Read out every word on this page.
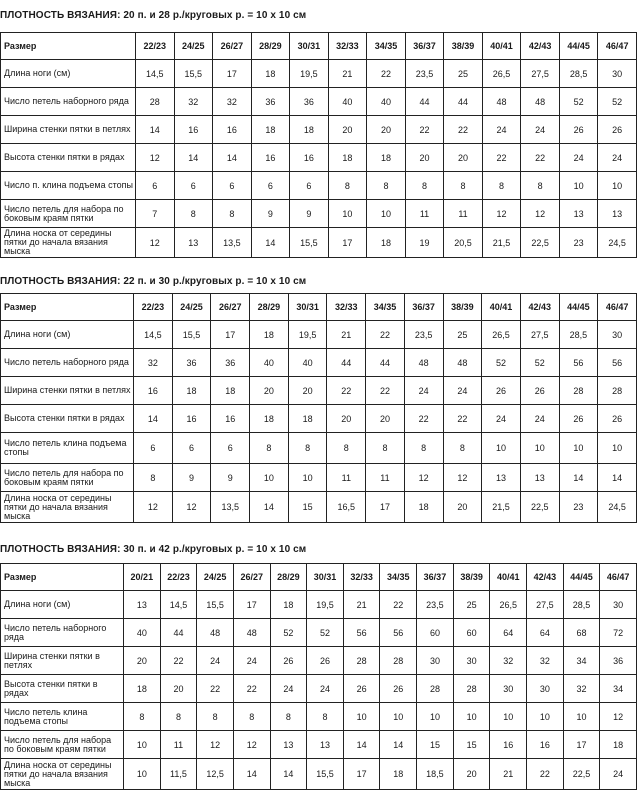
ПЛОТНОСТЬ ВЯЗАНИЯ: 20 п. и 28 р./круговых р. = 10 х 10 см
Размер	22/23	24/25	26/27	28/29	30/31	32/33	34/35	36/37	38/39	40/41	42/43	44/45	46/47
Длина ноги (см)	14,5	15,5	17	18	19,5	21	22	23,5	25	26,5	27,5	28,5	30
Число петель наборного ряда	28	32	32	36	36	40	40	44	44	48	48	52	52
Ширина стенки пятки в петлях	14	16	16	18	18	20	20	22	22	24	24	26	26
Высота стенки пятки в рядах	12	14	14	16	16	18	18	20	20	22	22	24	24
Число п. клина подъема стопы	6	6	6	6	6	8	8	8	8	8	8	10	10
Число петель для набора по боковым краям пятки	7	8	8	9	9	10	10	11	11	12	12	13	13
Длина носка от середины пятки до начала вязания мыска	12	13	13,5	14	15,5	17	18	19	20,5	21,5	22,5	23	24,5
ПЛОТНОСТЬ ВЯЗАНИЯ: 22 п. и 30 р./круговых р. = 10 х 10 см
Размер	22/23	24/25	26/27	28/29	30/31	32/33	34/35	36/37	38/39	40/41	42/43	44/45	46/47
Длина ноги (см)	14,5	15,5	17	18	19,5	21	22	23,5	25	26,5	27,5	28,5	30
Число петель наборного ряда	32	36	36	40	40	44	44	48	48	52	52	56	56
Ширина стенки пятки в петлях	16	18	18	20	20	22	22	24	24	26	26	28	28
Высота стенки пятки в рядах	14	16	16	18	18	20	20	22	22	24	24	26	26
Число петель клина подъема стопы	6	6	6	8	8	8	8	8	8	10	10	10	10
Число петель для набора по боковым краям пятки	8	9	9	10	10	11	11	12	12	13	13	14	14
Длина носка от середины пятки до начала вязания мыска	12	12	13,5	14	15	16,5	17	18	20	21,5	22,5	23	24,5
ПЛОТНОСТЬ ВЯЗАНИЯ: 30 п. и 42 р./круговых р. = 10 х 10 см
Размер	20/21	22/23	24/25	26/27	28/29	30/31	32/33	34/35	36/37	38/39	40/41	42/43	44/45	46/47
Длина ноги (см)	13	14,5	15,5	17	18	19,5	21	22	23,5	25	26,5	27,5	28,5	30
Число петель наборного ряда	40	44	48	48	52	52	56	56	60	60	64	64	68	72
Ширина стенки пятки в петлях	20	22	24	24	26	26	28	28	30	30	32	32	34	36
Высота стенки пятки в рядах	18	20	22	22	24	24	26	26	28	28	30	30	32	34
Число петель клина подъема стопы	8	8	8	8	8	8	10	10	10	10	10	10	10	12
Число петель для набора по боковым краям пятки	10	11	12	12	13	13	14	14	15	15	16	16	17	18
Длина носка от середины пятки до начала вязания мыска	10	11,5	12,5	14	14	15,5	17	18	18,5	20	21	22	22,5	24
